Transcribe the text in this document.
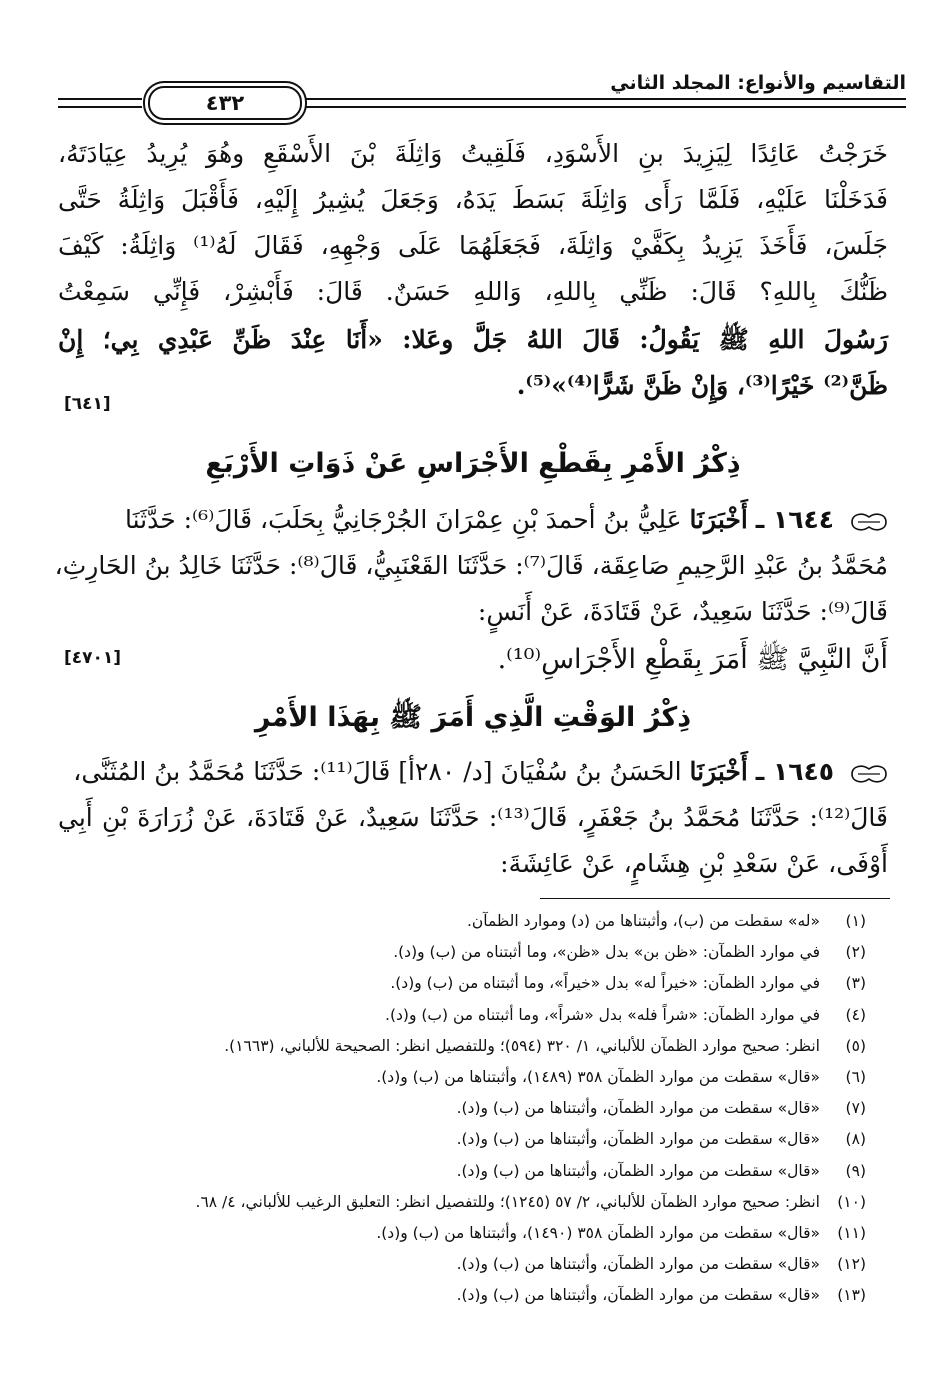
التقاسيم والأنواع: المجلد الثاني
٤٣٢
خَرَجْتُ عَائِدًا لِيَزِيدَ بنِ الأَسْوَدِ، فَلَقِيتُ وَاثِلَةَ بْنَ الأَسْقَعِ وهُوَ يُرِيدُ عِيَادَتَهُ،
فَدَخَلْنَا عَلَيْهِ، فَلَمَّا رَأَى وَاثِلَةَ بَسَطَ يَدَهُ، وَجَعَلَ يُشِيرُ إِلَيْهِ، فَأَقْبَلَ وَاثِلَةُ حَتَّى
جَلَسَ، فَأَخَذَ يَزِيدُ بِكَفَّيْ وَاثِلَةَ، فَجَعَلَهُمَا عَلَى وَجْهِهِ، فَقَالَ لَهُ⁽¹⁾ وَاثِلَةُ: كَيْفَ
ظَنُّكَ بِاللهِ؟ قَالَ: ظَنِّي بِاللهِ، وَاللهِ حَسَنٌ. قَالَ: فَأَبْشِرْ، فَإِنِّي سَمِعْتُ
رَسُولَ اللهِ ﷺ يَقُولُ: قَالَ اللهُ جَلَّ وعَلا: «أَنَا عِنْدَ ظَنِّ عَبْدِي بِي؛ إِنْ
ظَنَّ⁽²⁾ خَيْرًا⁽³⁾، وَإِنْ ظَنَّ شَرًّا⁽⁴⁾»⁽⁵⁾.
[٦٤١]
ذِكْرُ الأَمْرِ بِقَطْعِ الأَجْرَاسِ عَنْ ذَوَاتِ الأَرْبَعِ
١٦٤٤ ـ أَخْبَرَنَا عَلِيُّ بنُ أحمدَ بْنِ عِمْرَانَ الجُرْجَانِيُّ بِحَلَبَ، قَالَ⁽⁶⁾: حَدَّثَنَا
مُحَمَّدُ بنُ عَبْدِ الرَّحِيمِ صَاعِقَة، قَالَ⁽⁷⁾: حَدَّثَنَا القَعْنَبِيُّ، قَالَ⁽⁸⁾: حَدَّثَنَا خَالِدُ بنُ الحَارِثِ،
قَالَ⁽⁹⁾: حَدَّثَنَا سَعِيدٌ، عَنْ قَتَادَةَ، عَنْ أَنَسٍ:
أَنَّ النَّبِيَّ ﷺ أَمَرَ بِقَطْعِ الأَجْرَاسِ⁽¹⁰⁾.
[٤٧٠١]
ذِكْرُ الوَقْتِ الَّذِي أَمَرَ ﷺ بِهَذَا الأَمْرِ
١٦٤٥ ـ أَخْبَرَنَا الحَسَنُ بنُ سُفْيَانَ [د/ ٢٨٠أ] قَالَ⁽¹¹⁾: حَدَّثَنَا مُحَمَّدُ بنُ المُثَنَّى،
قَالَ⁽¹²⁾: حَدَّثَنَا مُحَمَّدُ بنُ جَعْفَرٍ، قَالَ⁽¹³⁾: حَدَّثَنَا سَعِيدٌ، عَنْ قَتَادَةَ، عَنْ زُرَارَةَ بْنِ أَبِي
أَوْفَى، عَنْ سَعْدِ بْنِ هِشَامٍ، عَنْ عَائِشَةَ:
(١)«له» سقطت من (ب)، وأثبتناها من (د) وموارد الظمآن.
(٢)في موارد الظمآن: «ظن بن» بدل «ظن»، وما أثبتناه من (ب) و(د).
(٣)في موارد الظمآن: «خيراً له» بدل «خيراً»، وما أثبتناه من (ب) و(د).
(٤)في موارد الظمآن: «شراً فله» بدل «شراً»، وما أثبتناه من (ب) و(د).
(٥)انظر: صحيح موارد الظمآن للألباني، ١/ ٣٢٠ (٥٩٤)؛ وللتفصيل انظر: الصحيحة للألباني، (١٦٦٣).
(٦)«قال» سقطت من موارد الظمآن ٣٥٨ (١٤٨٩)، وأثبتناها من (ب) و(د).
(٧)«قال» سقطت من موارد الظمآن، وأثبتناها من (ب) و(د).
(٨)«قال» سقطت من موارد الظمآن، وأثبتناها من (ب) و(د).
(٩)«قال» سقطت من موارد الظمآن، وأثبتناها من (ب) و(د).
(١٠)انظر: صحيح موارد الظمآن للألباني، ٢/ ٥٧ (١٢٤٥)؛ وللتفصيل انظر: التعليق الرغيب للألباني، ٤/ ٦٨.
(١١)«قال» سقطت من موارد الظمآن ٣٥٨ (١٤٩٠)، وأثبتناها من (ب) و(د).
(١٢)«قال» سقطت من موارد الظمآن، وأثبتناها من (ب) و(د).
(١٣)«قال» سقطت من موارد الظمآن، وأثبتناها من (ب) و(د).
